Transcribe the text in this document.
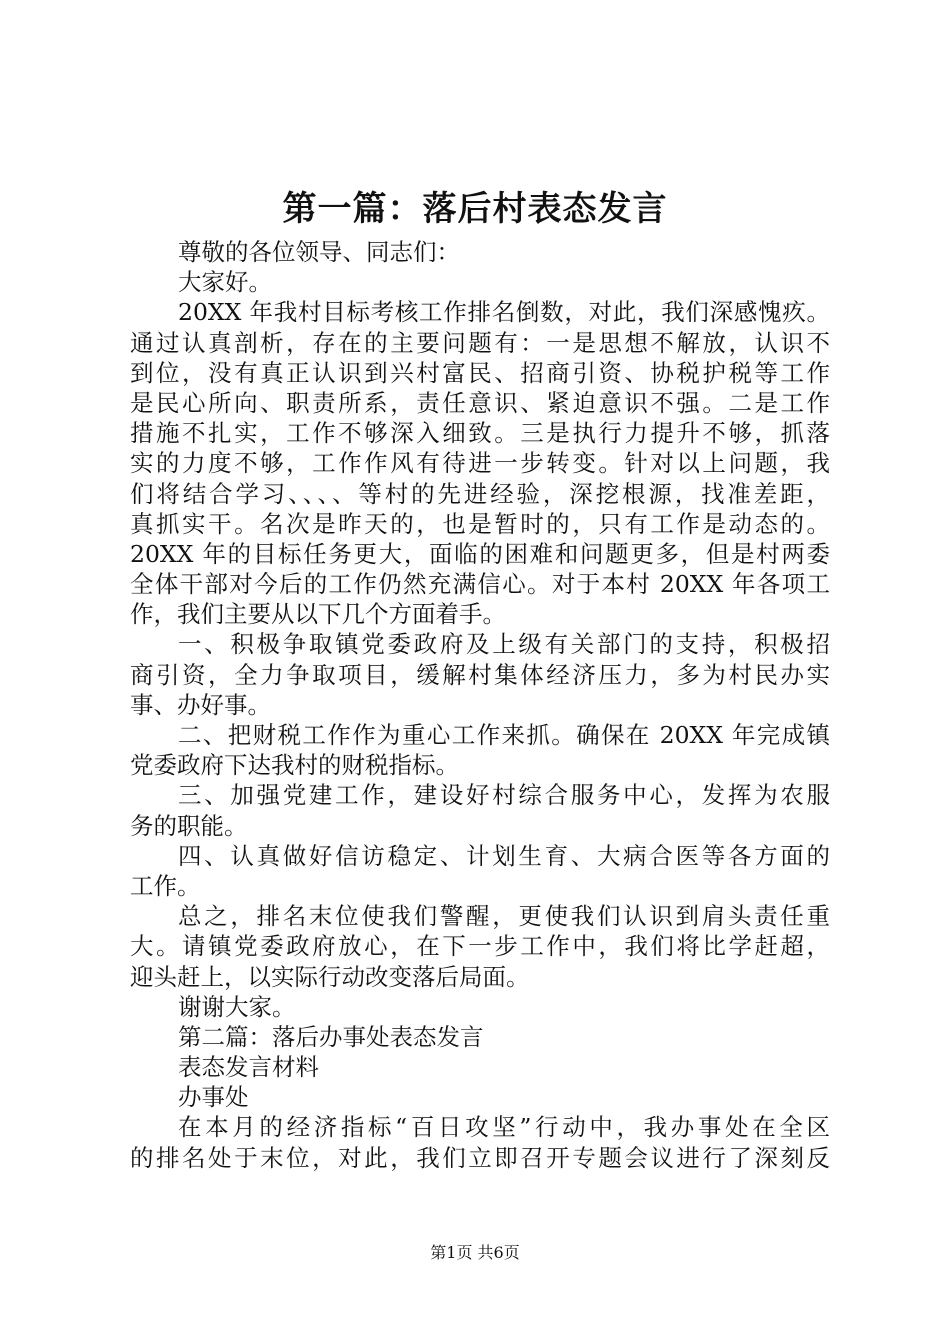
第一篇：落后村表态发言
尊敬的各位领导、同志们：
大家好。
20XX 年我村目标考核工作排名倒数，对此，我们深感愧疚。
通过认真剖析，存在的主要问题有：一是思想不解放，认识不
到位，没有真正认识到兴村富民、招商引资、协税护税等工作
是民心所向、职责所系，责任意识、紧迫意识不强。二是工作
措施不扎实，工作不够深入细致。三是执行力提升不够，抓落
实的力度不够，工作作风有待进一步转变。针对以上问题，我
们将结合学习、、、、等村的先进经验，深挖根源，找准差距，
真抓实干。名次是昨天的，也是暂时的，只有工作是动态的。
20XX 年的目标任务更大，面临的困难和问题更多，但是村两委
全体干部对今后的工作仍然充满信心。对于本村 20XX 年各项工
作，我们主要从以下几个方面着手。
一、积极争取镇党委政府及上级有关部门的支持，积极招
商引资，全力争取项目，缓解村集体经济压力，多为村民办实
事、办好事。
二、把财税工作作为重心工作来抓。确保在 20XX 年完成镇
党委政府下达我村的财税指标。
三、加强党建工作，建设好村综合服务中心，发挥为农服
务的职能。
四、认真做好信访稳定、计划生育、大病合医等各方面的
工作。
总之，排名末位使我们警醒，更使我们认识到肩头责任重
大。请镇党委政府放心，在下一步工作中，我们将比学赶超，
迎头赶上，以实际行动改变落后局面。
谢谢大家。
第二篇：落后办事处表态发言
表态发言材料
办事处
在本月的经济指标“百日攻坚”行动中，我办事处在全区
的排名处于末位，对此，我们立即召开专题会议进行了深刻反
第1页 共6页
